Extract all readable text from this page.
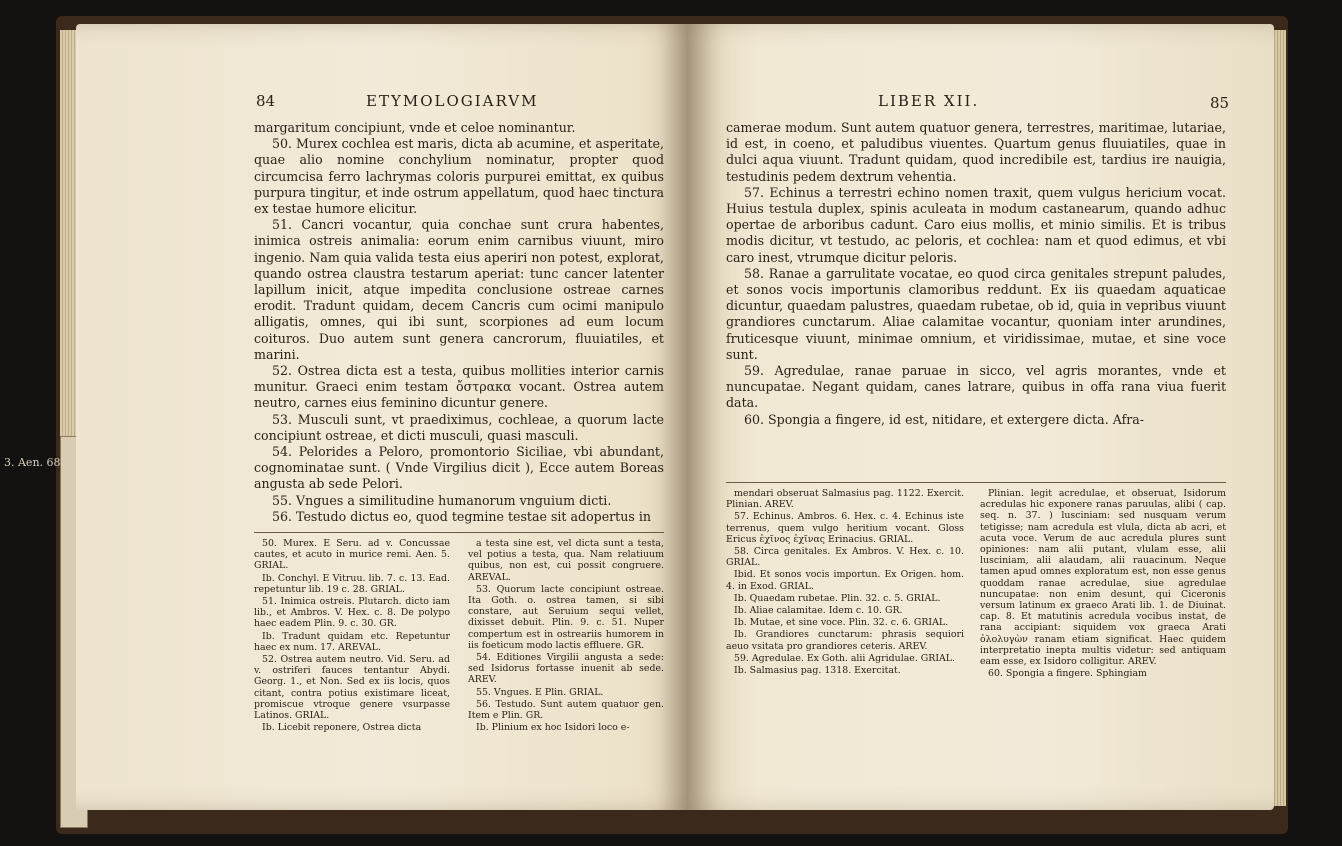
3. Aen. 687.
84	ETYMOLOGIARVM

margaritum concipiunt, vnde et celoe nominantur.

50. Murex cochlea est maris, dicta ab acumine, et asperitate, quae alio nomine conchylium nominatur, propter quod circumcisa ferro lachrymas coloris purpurei emittat, ex quibus purpura tingitur, et inde ostrum appellatum, quod haec tinctura ex testae humore elicitur.

51. Cancri vocantur, quia conchae sunt crura habentes, inimica ostreis animalia: eorum enim carnibus viuunt, miro ingenio. Nam quia valida testa eius aperiri non potest, explorat, quando ostrea claustra testarum aperiat: tunc cancer latenter lapillum inicit, atque impedita conclusione ostreae carnes erodit. Tradunt quidam, decem Cancris cum ocimi manipulo alligatis, omnes, qui ibi sunt, scorpiones ad eum locum coituros. Duo autem sunt genera cancrorum, fluuiatiles, et marini.

52. Ostrea dicta est a testa, quibus mollities interior carnis munitur. Graeci enim testam ὄστρακα vocant. Ostrea autem neutro, carnes eius feminino dicuntur genere.

53. Musculi sunt, vt praediximus, cochleae, a quorum lacte concipiunt ostreae, et dicti musculi, quasi masculi.

54. Pelorides a Peloro, promontorio Siciliae, vbi abundant, cognominatae sunt. ( Vnde Virgilius dicit ), Ecce autem Boreas angusta ab sede Pelori.

55. Vngues a similitudine humanorum vnguium dicti.

56. Testudo dictus eo, quod tegmine testae sit adopertus in

50. Murex. E Seru. ad v. Concussae cautes, et acuto in murice remi. Aen. 5. GRIAL.

Ib. Conchyl. E Vitruu. lib. 7. c. 13. Ead. repetuntur lib. 19 c. 28. GRIAL.

51. Inimica ostreis. Plutarch. dicto iam lib., et Ambros. V. Hex. c. 8. De polypo haec eadem Plin. 9. c. 30. GR.

Ib. Tradunt quidam etc. Repetuntur haec ex num. 17. AREVAL.

52. Ostrea autem neutro. Vid. Seru. ad v. ostriferi fauces tentantur Abydi. Georg. 1., et Non. Sed ex iis locis, quos citant, contra potius existimare liceat, promiscue vtroque genere vsurpasse Latinos. GRIAL.

Ib. Licebit reponere, Ostrea dicta

a testa sine est, vel dicta sunt a testa, vel potius a testa, qua. Nam relatiuum quibus, non est, cui possit congruere. AREVAL.

53. Quorum lacte concipiunt ostreae. Ita Goth. o. ostrea tamen, si sibi constare, aut Seruium sequi vellet, dixisset debuit. Plin. 9. c. 51. Nuper compertum est in ostreariis humorem in iis foeticum modo lactis effluere. GR.

54. Editiones Virgilii angusta a sede: sed Isidorus fortasse inuenit ab sede. AREV.

55. Vngues. E Plin. GRIAL.

56. Testudo. Sunt autem quatuor gen. Item e Plin. GR.

Ib. Plinium ex hoc Isidori loco e-

LIBER XII.	85

camerae modum. Sunt autem quatuor genera, terrestres, maritimae, lutariae, id est, in coeno, et paludibus viuentes. Quartum genus fluuiatiles, quae in dulci aqua viuunt. Tradunt quidam, quod incredibile est, tardius ire nauigia, testudinis pedem dextrum vehentia.

57. Echinus a terrestri echino nomen traxit, quem vulgus hericium vocat. Huius testula duplex, spinis aculeata in modum castanearum, quando adhuc opertae de arboribus cadunt. Caro eius mollis, et minio similis. Et is tribus modis dicitur, vt testudo, ac peloris, et cochlea: nam et quod edimus, et vbi caro inest, vtrumque dicitur peloris.

58. Ranae a garrulitate vocatae, eo quod circa genitales strepunt paludes, et sonos vocis importunis clamoribus reddunt. Ex iis quaedam aquaticae dicuntur, quaedam palustres, quaedam rubetae, ob id, quia in vepribus viuunt grandiores cunctarum. Aliae calamitae vocantur, quoniam inter arundines, fruticesque viuunt, minimae omnium, et viridissimae, mutae, et sine voce sunt.

59. Agredulae, ranae paruae in sicco, vel agris morantes, vnde et nuncupatae. Negant quidam, canes latrare, quibus in offa rana viua fuerit data.

60. Spongia a fingere, id est, nitidare, et extergere dicta. Afra-

mendari obseruat Salmasius pag. 1122. Exercit. Plinian. AREV.

57. Echinus. Ambros. 6. Hex. c. 4. Echinus iste terrenus, quem vulgo heritium vocant. Gloss Ericus ἐχῖνος ἐχῖνας Erinacius. GRIAL.

58. Circa genitales. Ex Ambros. V. Hex. c. 10. GRIAL.

Ibid. Et sonos vocis importun. Ex Origen. hom. 4. in Exod. GRIAL.

Ib. Quaedam rubetae. Plin. 32. c. 5. GRIAL.

Ib. Aliae calamitae. Idem c. 10. GR.

Ib. Mutae, et sine voce. Plin. 32. c. 6. GRIAL.

Ib. Grandiores cunctarum: phrasis sequiori aeuo vsitata pro grandiores ceteris. AREV.

59. Agredulae. Ex Goth. alii Agridulae. GRIAL.

Ib. Salmasius pag. 1318. Exercitat.

Plinian. legit acredulae, et obseruat, Isidorum acredulas hic exponere ranas paruulas, alibi ( cap. seq. n. 37. ) lusciniam: sed nusquam verum tetigisse; nam acredula est vlula, dicta ab acri, et acuta voce. Verum de auc acredula plures sunt opiniones: nam alii putant, vlulam esse, alii lusciniam, alii alaudam, alii rauacinum. Neque tamen apud omnes exploratum est, non esse genus quoddam ranae acredulae, siue agredulae nuncupatae: non enim desunt, qui Ciceronis versum latinum ex graeco Arati lib. 1. de Diuinat. cap. 8. Et matutinis acredula vocibus instat, de rana accipiant: siquidem vox graeca Arati ὀλολυγὼν ranam etiam significat. Haec quidem interpretatio inepta multis videtur: sed antiquam eam esse, ex Isidoro colligitur. AREV.

60. Spongia a fingere. Sphingiam
